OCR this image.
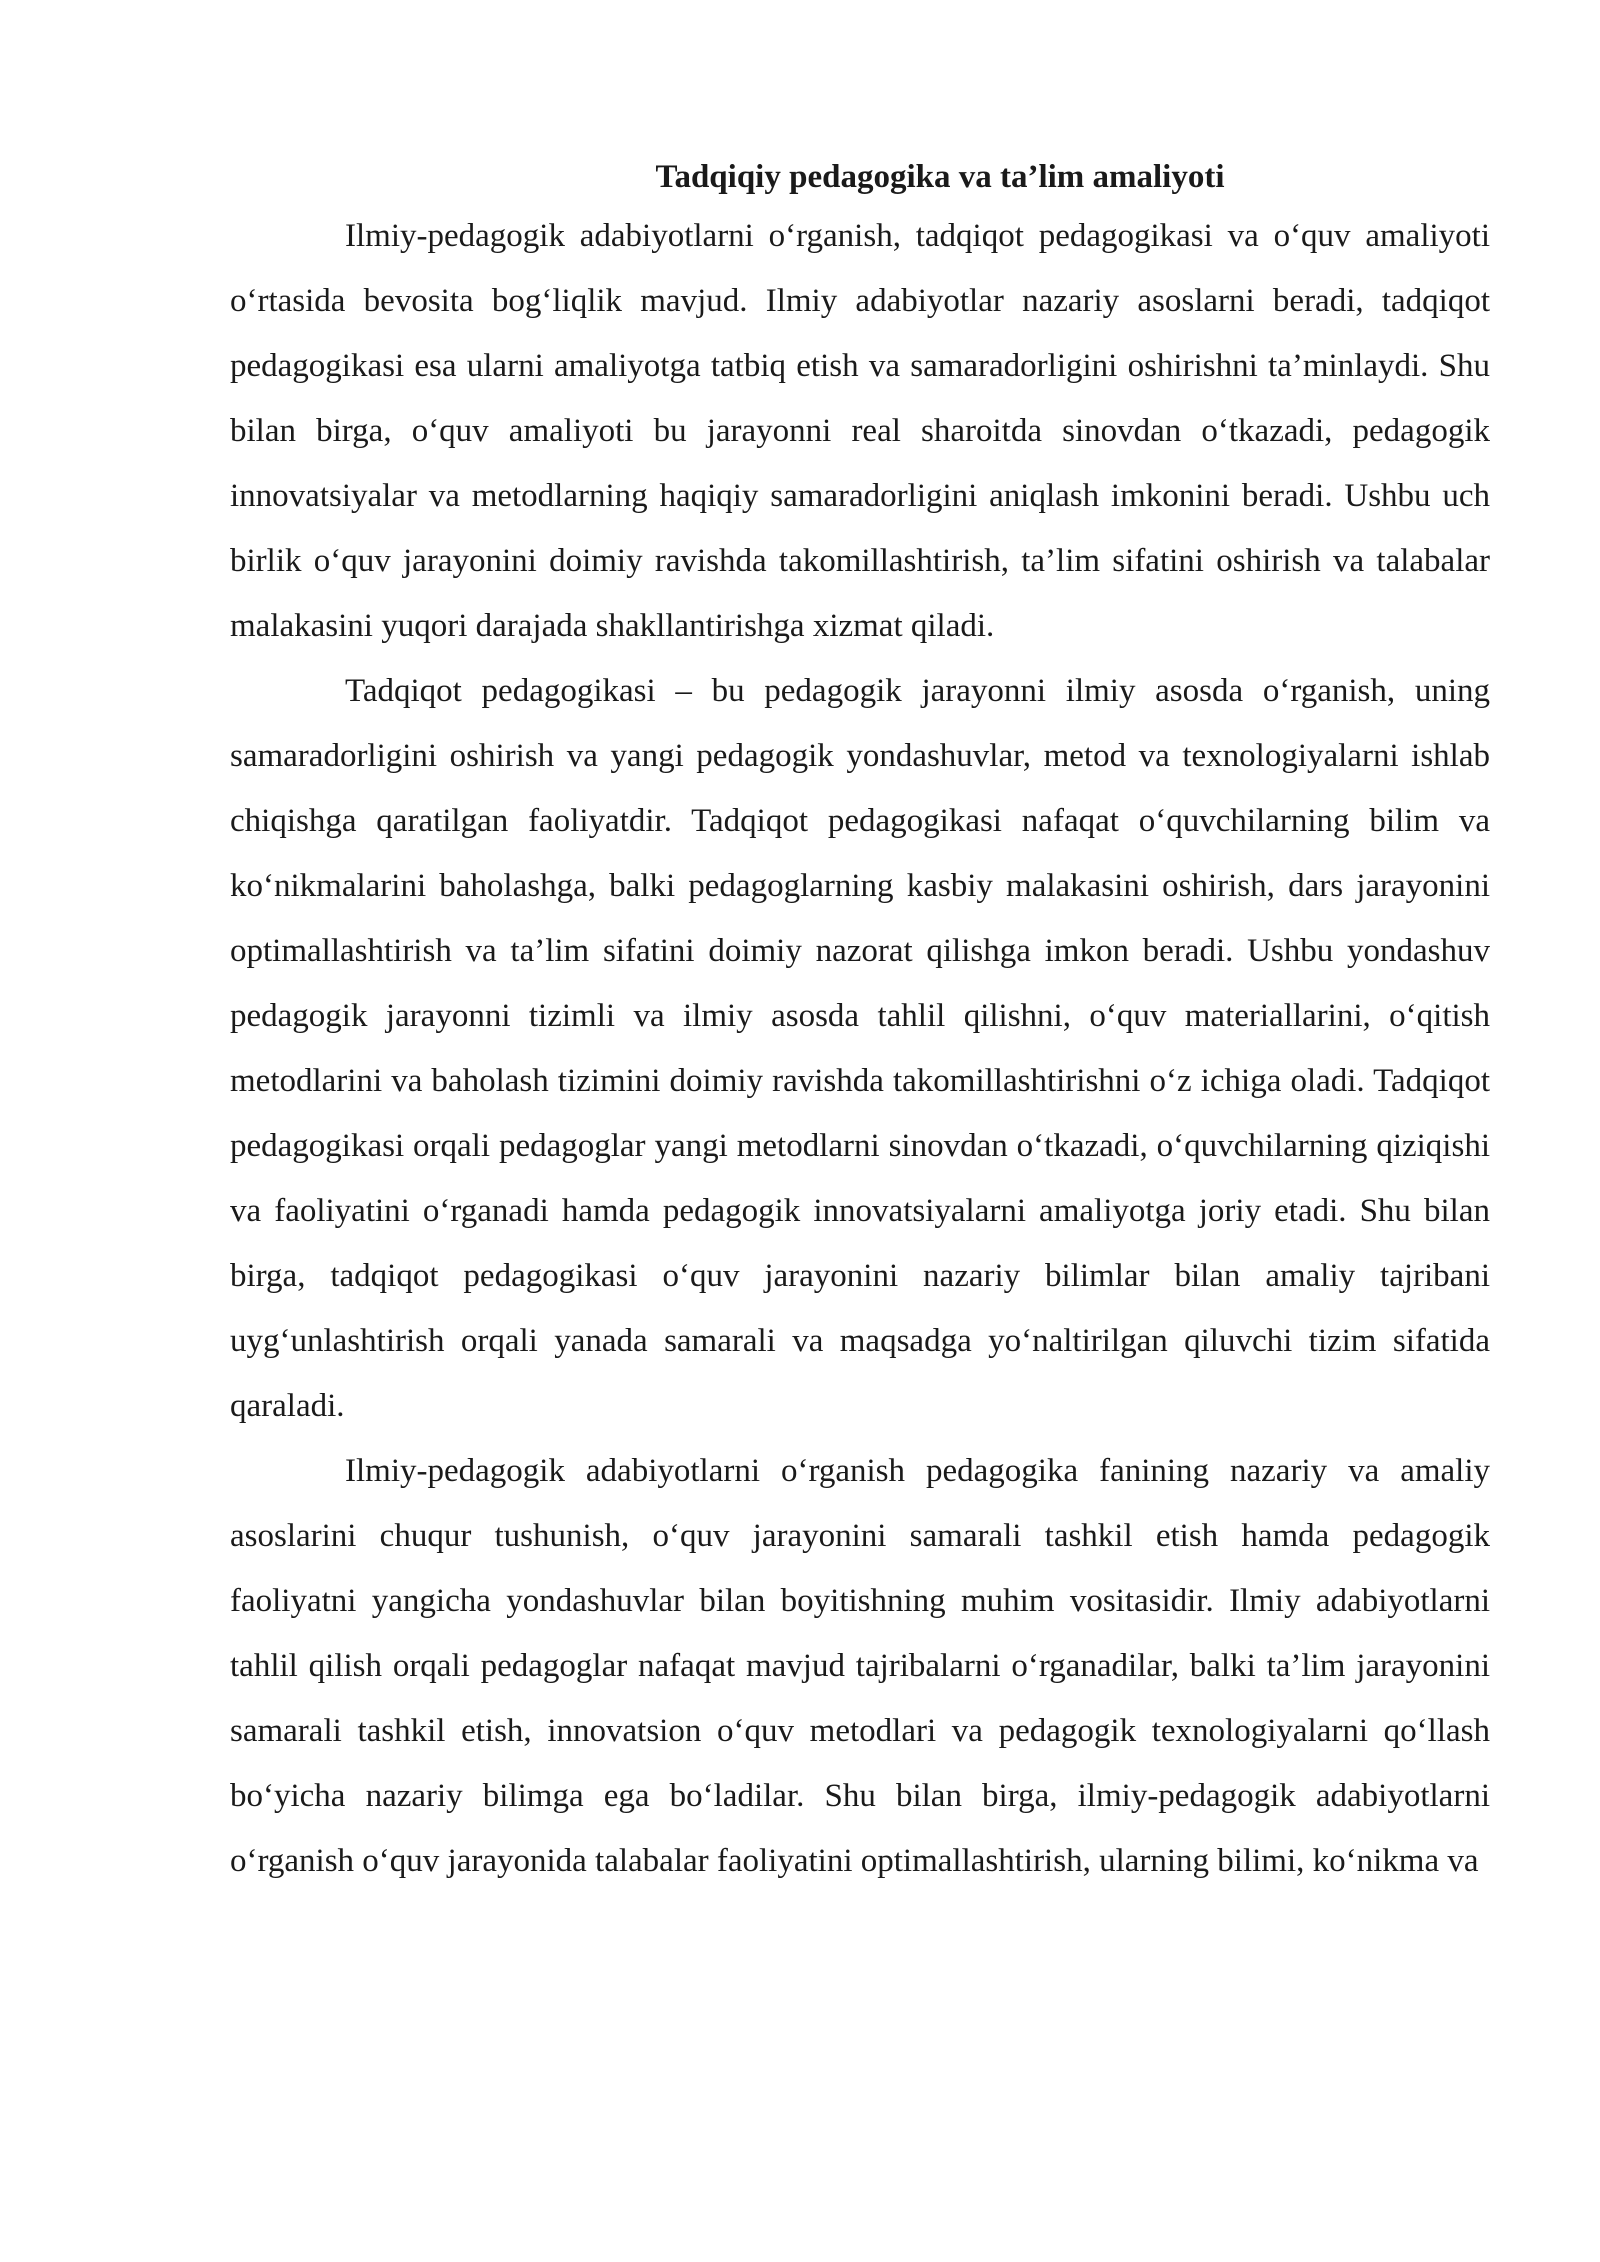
Tadqiqiy pedagogika va ta’lim amaliyoti

Ilmiy-pedagogik adabiyotlarni o‘rganish, tadqiqot pedagogikasi va o‘quv amaliyoti o‘rtasida bevosita bog‘liqlik mavjud. Ilmiy adabiyotlar nazariy asoslarni beradi, tadqiqot pedagogikasi esa ularni amaliyotga tatbiq etish va samaradorligini oshirishni ta’minlaydi. Shu bilan birga, o‘quv amaliyoti bu jarayonni real sharoitda sinovdan o‘tkazadi, pedagogik innovatsiyalar va metodlarning haqiqiy samaradorligini aniqlash imkonini beradi. Ushbu uch birlik o‘quv jarayonini doimiy ravishda takomillashtirish, ta’lim sifatini oshirish va talabalar malakasini yuqori darajada shakllantirishga xizmat qiladi.

Tadqiqot pedagogikasi – bu pedagogik jarayonni ilmiy asosda o‘rganish, uning samaradorligini oshirish va yangi pedagogik yondashuvlar, metod va texnologiyalarni ishlab chiqishga qaratilgan faoliyatdir. Tadqiqot pedagogikasi nafaqat o‘quvchilarning bilim va ko‘nikmalarini baholashga, balki pedagoglarning kasbiy malakasini oshirish, dars jarayonini optimallashtirish va ta’lim sifatini doimiy nazorat qilishga imkon beradi. Ushbu yondashuv pedagogik jarayonni tizimli va ilmiy asosda tahlil qilishni, o‘quv materiallarini, o‘qitish metodlarini va baholash tizimini doimiy ravishda takomillashtirishni o‘z ichiga oladi. Tadqiqot pedagogikasi orqali pedagoglar yangi metodlarni sinovdan o‘tkazadi, o‘quvchilarning qiziqishi va faoliyatini o‘rganadi hamda pedagogik innovatsiyalarni amaliyotga joriy etadi. Shu bilan birga, tadqiqot pedagogikasi o‘quv jarayonini nazariy bilimlar bilan amaliy tajribani uyg‘unlashtirish orqali yanada samarali va maqsadga yo‘naltirilgan qiluvchi tizim sifatida qaraladi.

Ilmiy-pedagogik adabiyotlarni o‘rganish pedagogika fanining nazariy va amaliy asoslarini chuqur tushunish, o‘quv jarayonini samarali tashkil etish hamda pedagogik faoliyatni yangicha yondashuvlar bilan boyitishning muhim vositasidir. Ilmiy adabiyotlarni tahlil qilish orqali pedagoglar nafaqat mavjud tajribalarni o‘rganadilar, balki ta’lim jarayonini samarali tashkil etish, innovatsion o‘quv metodlari va pedagogik texnologiyalarni qo‘llash bo‘yicha nazariy bilimga ega bo‘ladilar. Shu bilan birga, ilmiy-pedagogik adabiyotlarni o‘rganish o‘quv jarayonida talabalar faoliyatini optimallashtirish, ularning bilimi, ko‘nikma va
